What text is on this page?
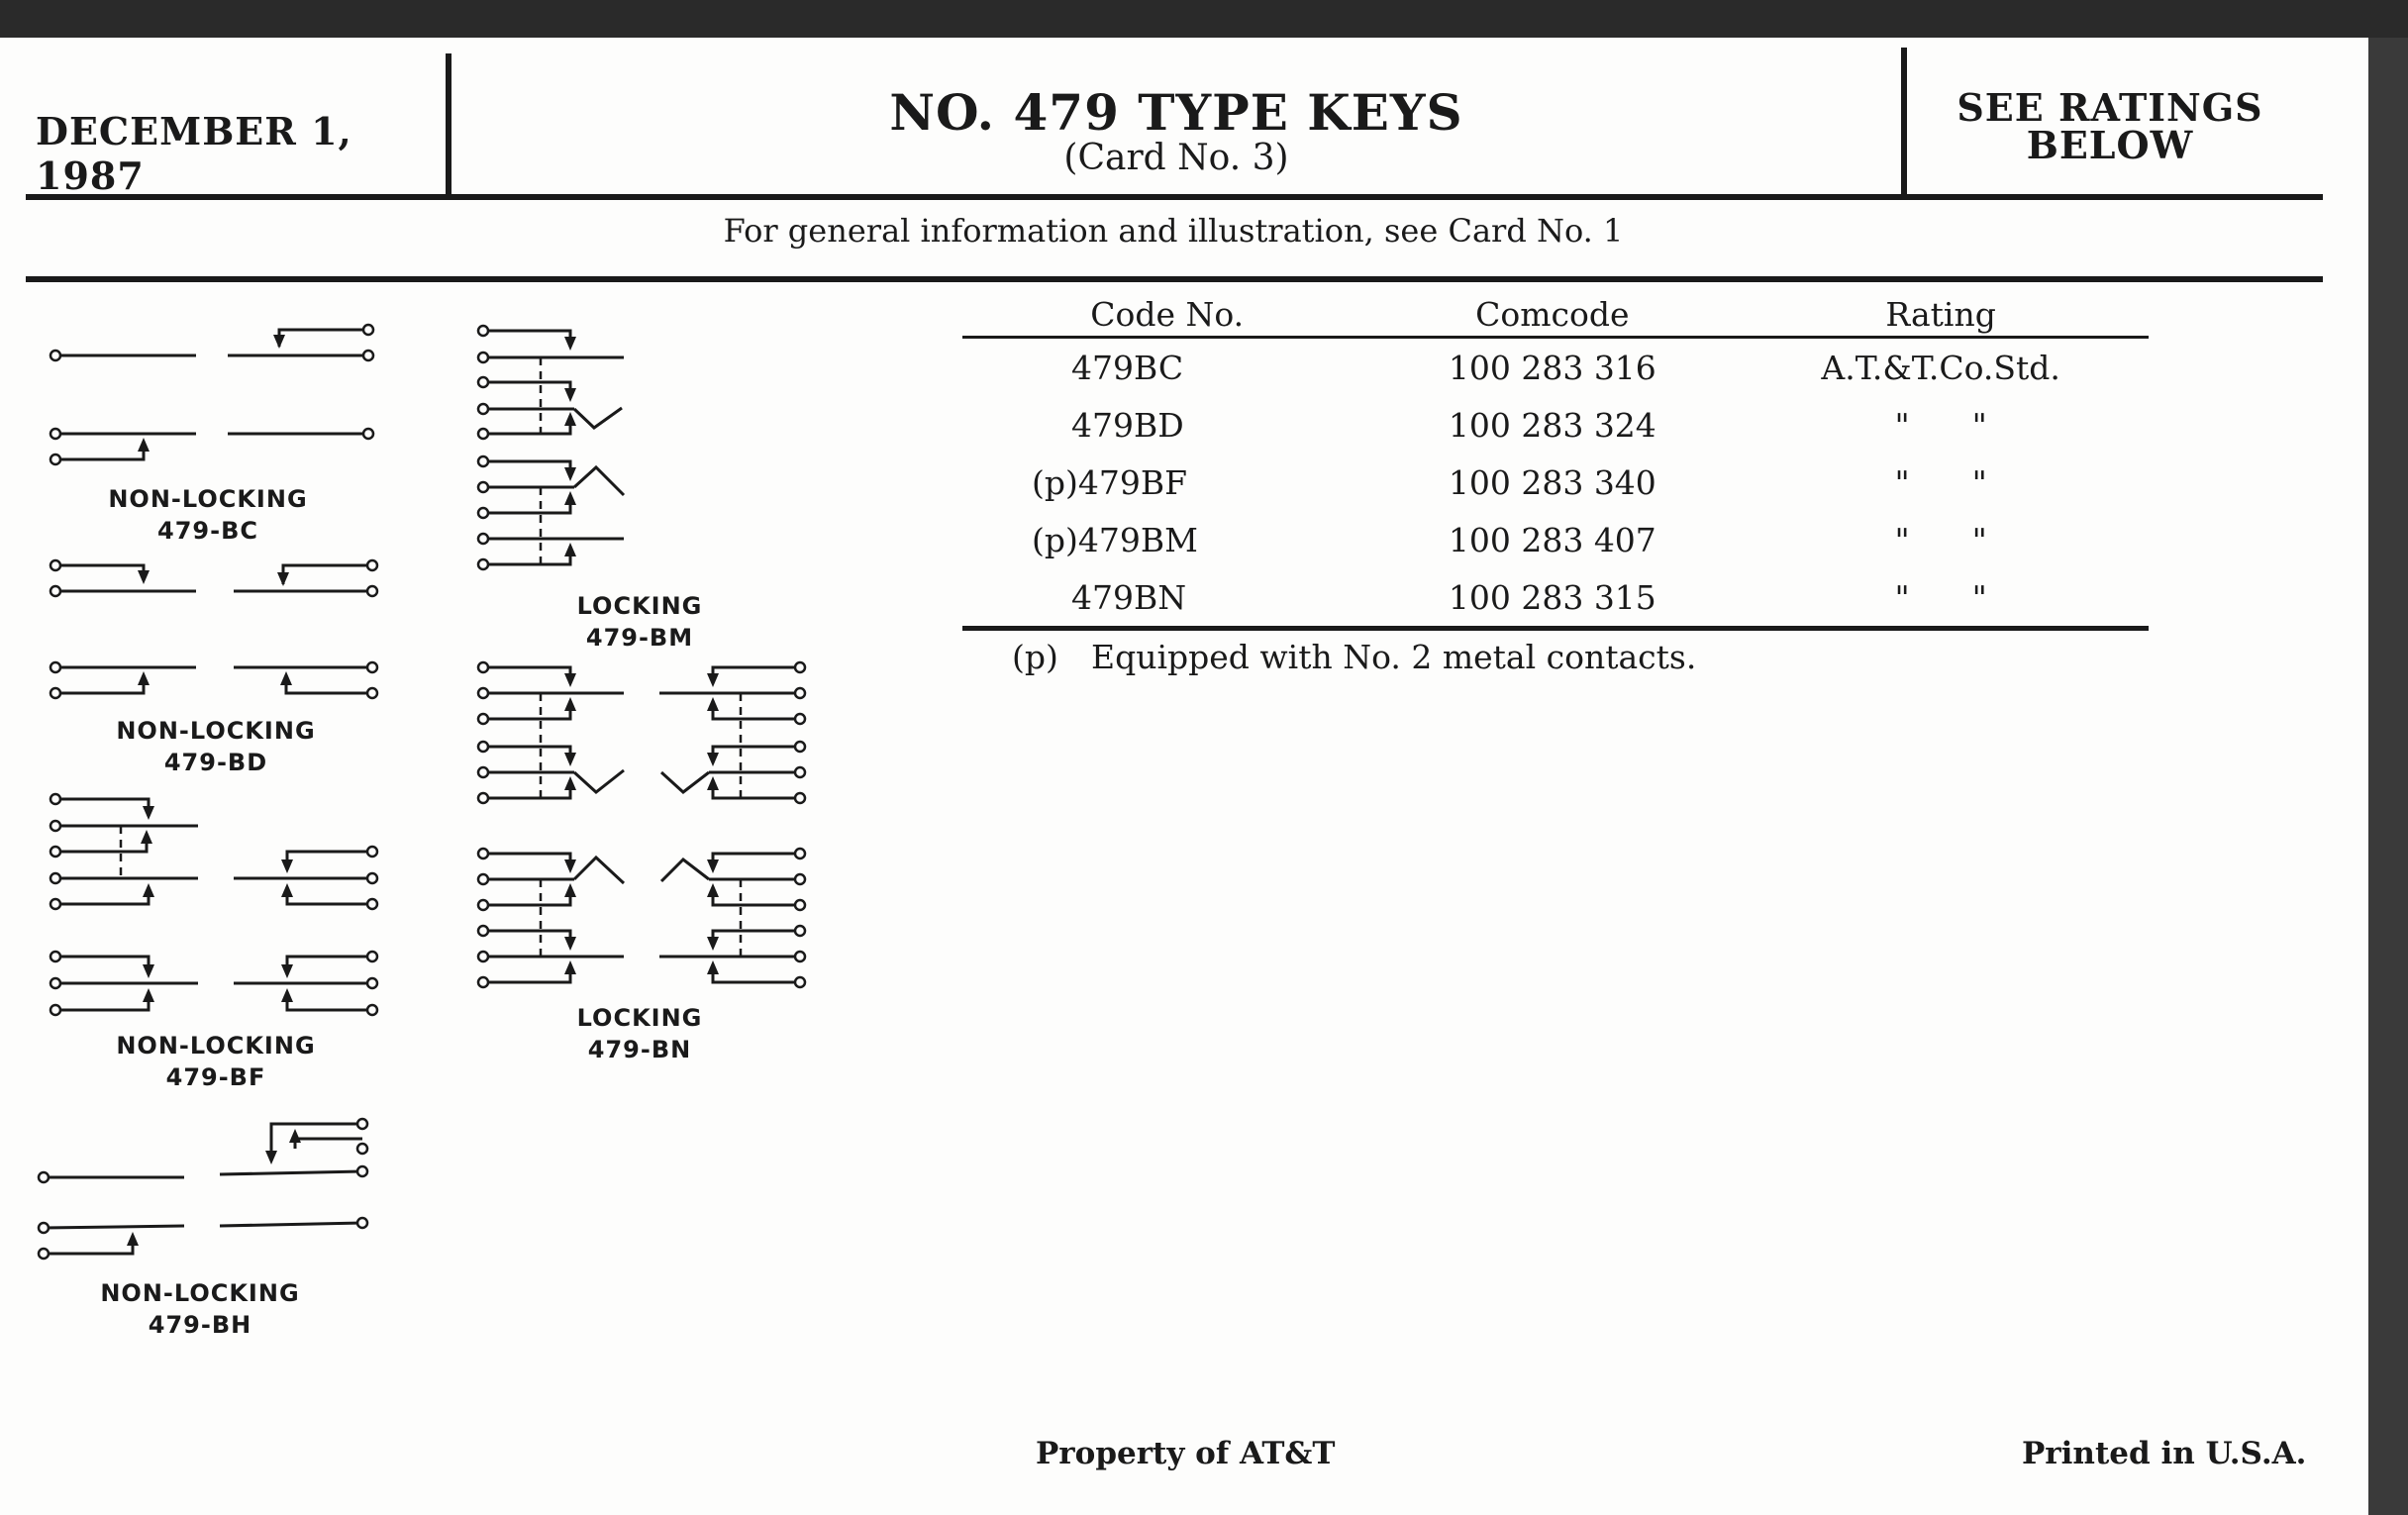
DECEMBER 1, 1987
NO. 479 TYPE KEYS
(Card No. 3)
SEE RATINGS
BELOW
For general information and illustration, see Card No. 1
NON-LOCKING
479-BC
NON-LOCKING
479-BD
NON-LOCKING
479-BF
NON-LOCKING
479-BH
LOCKING
479-BM
LOCKING
479-BN
Code No.	Comcode	Rating
479BC	100 283 316	A.T.&T.Co.Std.
479BD	100 283 324	"      "
(p)479BF	100 283 340	"      "
(p)479BM	100 283 407	"      "
479BN	100 283 315	"      "
(p) Equipped with No. 2 metal contacts.
Property of AT&T	Printed in U.S.A.
